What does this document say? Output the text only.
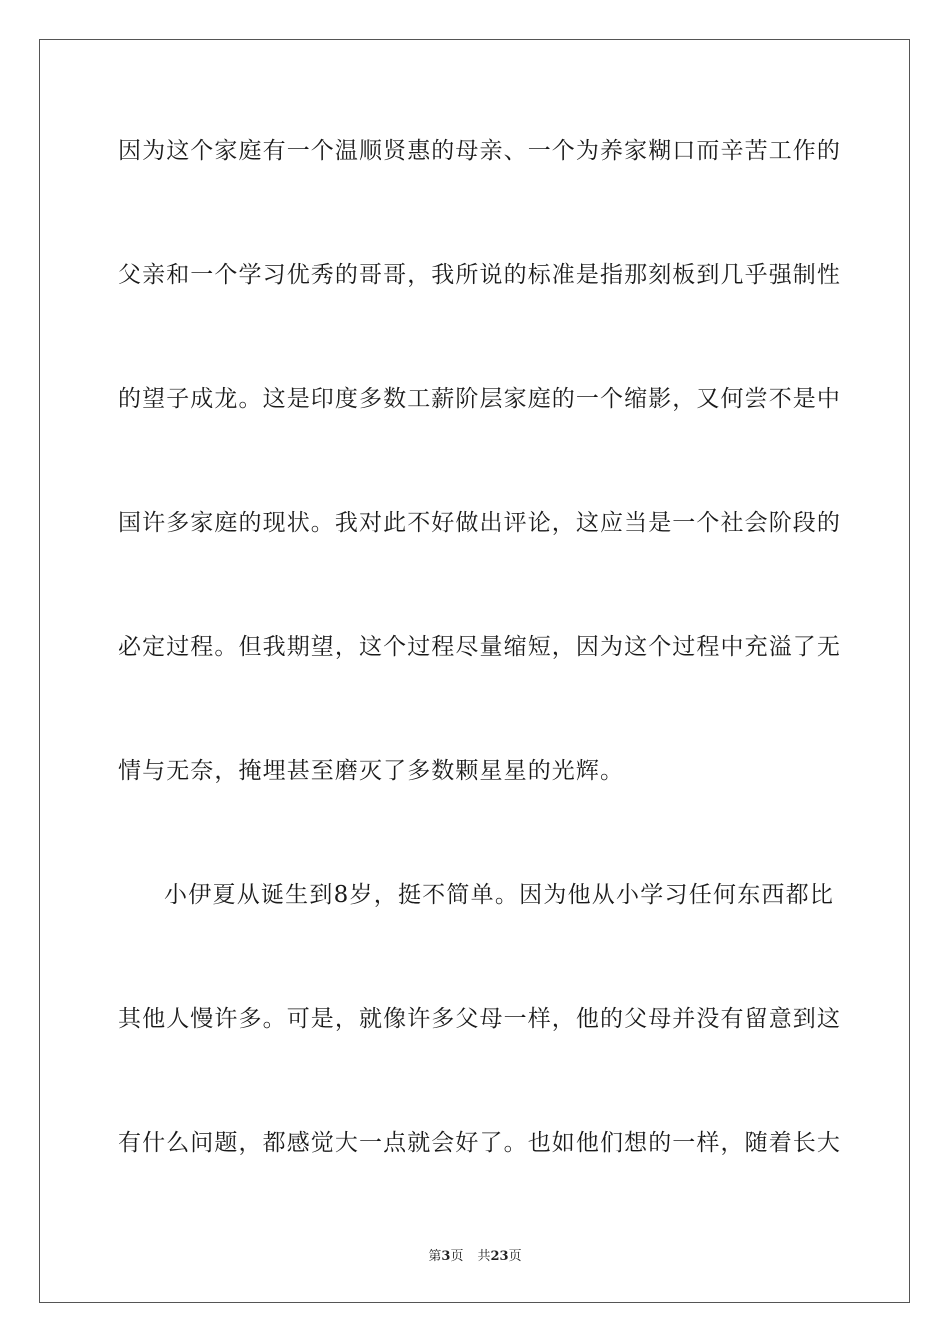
因为这个家庭有一个温顺贤惠的母亲、一个为养家糊口而辛苦工作的
父亲和一个学习优秀的哥哥，我所说的标准是指那刻板到几乎强制性
的望子成龙。这是印度多数工薪阶层家庭的一个缩影，又何尝不是中
国许多家庭的现状。我对此不好做出评论，这应当是一个社会阶段的
必定过程。但我期望，这个过程尽量缩短，因为这个过程中充溢了无
情与无奈，掩埋甚至磨灭了多数颗星星的光辉。
小伊夏从诞生到8岁，挺不简单。因为他从小学习任何东西都比
其他人慢许多。可是，就像许多父母一样，他的父母并没有留意到这
有什么问题，都感觉大一点就会好了。也如他们想的一样，随着长大
第3页 共23页
